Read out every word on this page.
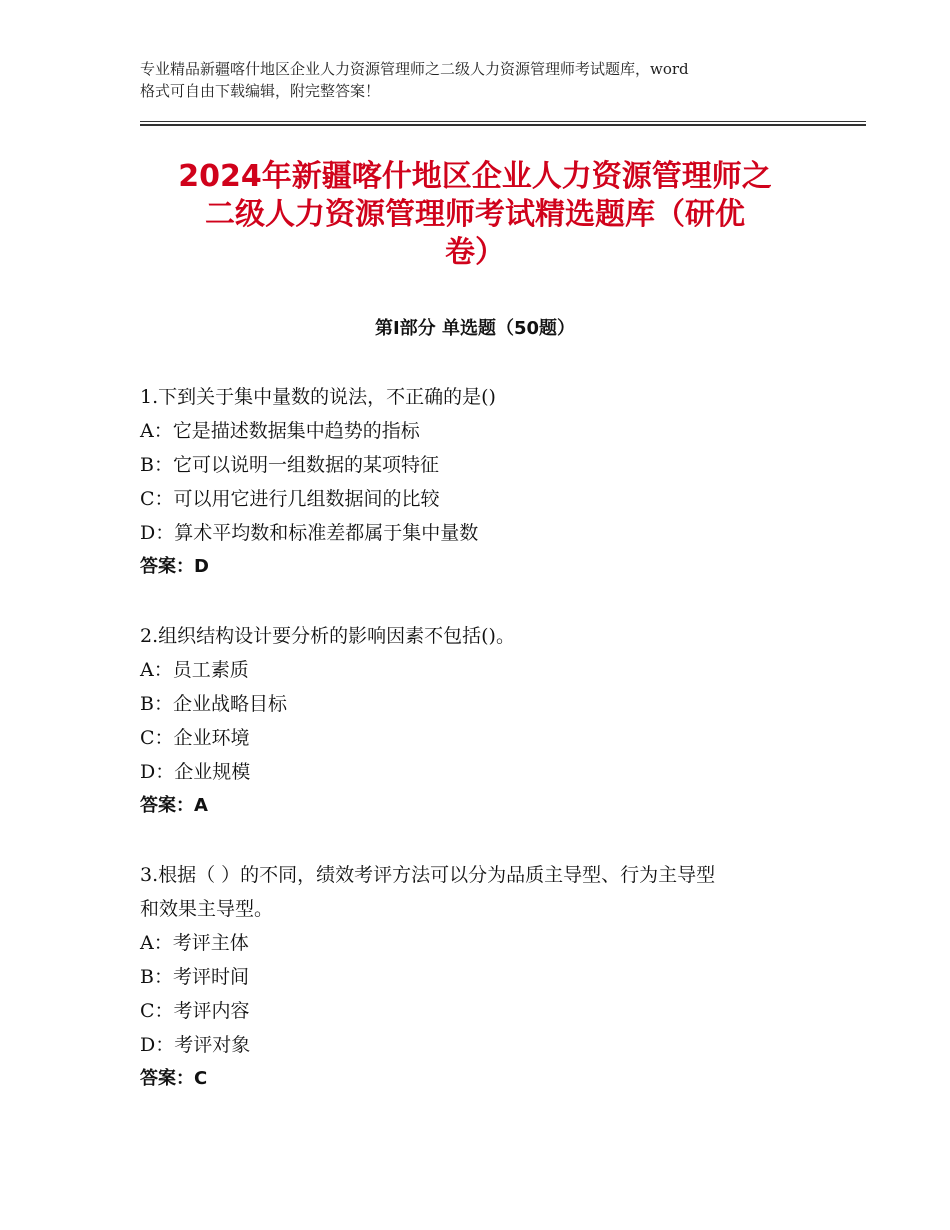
专业精品新疆喀什地区企业人力资源管理师之二级人力资源管理师考试题库，word
格式可自由下载编辑，附完整答案！
2024年新疆喀什地区企业人力资源管理师之
二级人力资源管理师考试精选题库（研优
卷）
第Ⅰ部分 单选题（50题）
1.下到关于集中量数的说法，不正确的是()
A：它是描述数据集中趋势的指标
B：它可以说明一组数据的某项特征
C：可以用它进行几组数据间的比较
D：算术平均数和标准差都属于集中量数
答案：D
2.组织结构设计要分析的影响因素不包括()。
A：员工素质
B：企业战略目标
C：企业环境
D：企业规模
答案：A
3.根据（ ）的不同，绩效考评方法可以分为品质主导型、行为主导型
和效果主导型。
A：考评主体
B：考评时间
C：考评内容
D：考评对象
答案：C
